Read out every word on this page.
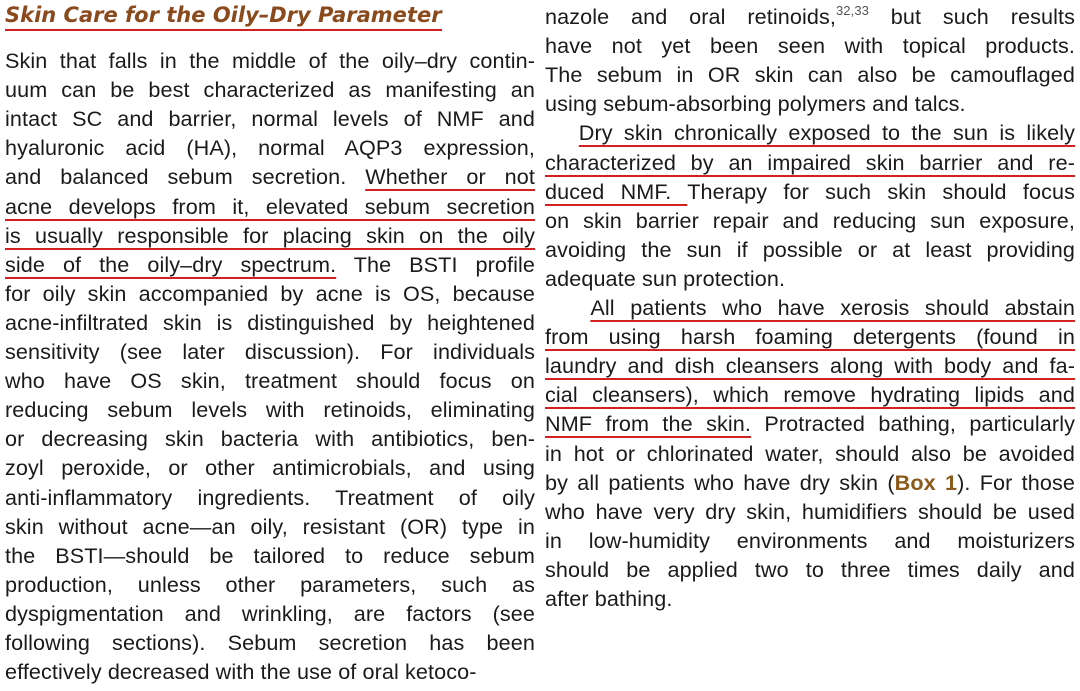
Skin Care for the Oily–Dry Parameter
Skin that falls in the middle of the oily–dry contin-
uum can be best characterized as manifesting an
intact SC and barrier, normal levels of NMF and
hyaluronic acid (HA), normal AQP3 expression,
and balanced sebum secretion. Whether or not
acne develops from it, elevated sebum secretion
is usually responsible for placing skin on the oily
side of the oily–dry spectrum. The BSTI profile
for oily skin accompanied by acne is OS, because
acne-infiltrated skin is distinguished by heightened
sensitivity (see later discussion). For individuals
who have OS skin, treatment should focus on
reducing sebum levels with retinoids, eliminating
or decreasing skin bacteria with antibiotics, ben-
zoyl peroxide, or other antimicrobials, and using
anti-inflammatory ingredients. Treatment of oily
skin without acne—an oily, resistant (OR) type in
the BSTI—should be tailored to reduce sebum
production, unless other parameters, such as
dyspigmentation and wrinkling, are factors (see
following sections). Sebum secretion has been
effectively decreased with the use of oral ketoco-
nazole and oral retinoids,$^{32,33}$ but such results
have not yet been seen with topical products.
The sebum in OR skin can also be camouflaged
using sebum-absorbing polymers and talcs.
Dry skin chronically exposed to the sun is likely
characterized by an impaired skin barrier and re-
duced NMF. Therapy for such skin should focus
on skin barrier repair and reducing sun exposure,
avoiding the sun if possible or at least providing
adequate sun protection.
All patients who have xerosis should abstain
from using harsh foaming detergents (found in
laundry and dish cleansers along with body and fa-
cial cleansers), which remove hydrating lipids and
NMF from the skin. Protracted bathing, particularly
in hot or chlorinated water, should also be avoided
by all patients who have dry skin (Box 1). For those
who have very dry skin, humidifiers should be used
in low-humidity environments and moisturizers
should be applied two to three times daily and
after bathing.
